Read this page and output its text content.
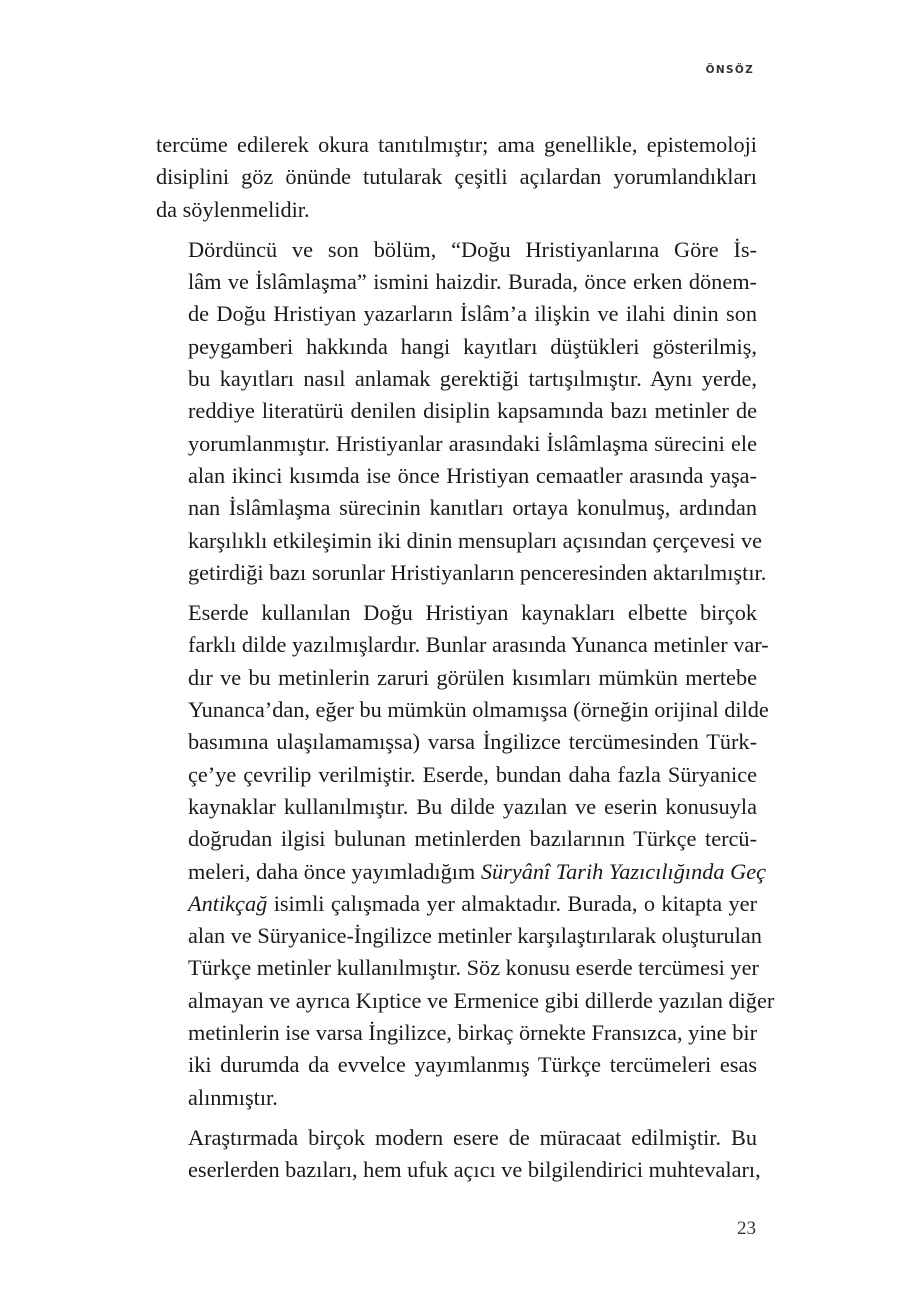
ÖNSÖZ

tercüme edilerek okura tanıtılmıştır; ama genellikle, epistemoloji
disiplini göz önünde tutularak çeşitli açılardan yorumlandıkları
da söylenmelidir.

Dördüncü ve son bölüm, “Doğu Hristiyanlarına Göre İs-
lâm ve İslâmlaşma” ismini haizdir. Burada, önce erken dönem-
de Doğu Hristiyan yazarların İslâm’a ilişkin ve ilahi dinin son
peygamberi hakkında hangi kayıtları düştükleri gösterilmiş,
bu kayıtları nasıl anlamak gerektiği tartışılmıştır. Aynı yerde,
reddiye literatürü denilen disiplin kapsamında bazı metinler de
yorumlanmıştır. Hristiyanlar arasındaki İslâmlaşma sürecini ele
alan ikinci kısımda ise önce Hristiyan cemaatler arasında yaşa-
nan İslâmlaşma sürecinin kanıtları ortaya konulmuş, ardından
karşılıklı etkileşimin iki dinin mensupları açısından çerçevesi ve
getirdiği bazı sorunlar Hristiyanların penceresinden aktarılmıştır.

Eserde kullanılan Doğu Hristiyan kaynakları elbette birçok
farklı dilde yazılmışlardır. Bunlar arasında Yunanca metinler var-
dır ve bu metinlerin zaruri görülen kısımları mümkün mertebe
Yunanca’dan, eğer bu mümkün olmamışsa (örneğin orijinal dilde
basımına ulaşılamamışsa) varsa İngilizce tercümesinden Türk-
çe’ye çevrilip verilmiştir. Eserde, bundan daha fazla Süryanice
kaynaklar kullanılmıştır. Bu dilde yazılan ve eserin konusuyla
doğrudan ilgisi bulunan metinlerden bazılarının Türkçe tercü-
meleri, daha önce yayımladığım Süryânî Tarih Yazıcılığında Geç
Antikçağ isimli çalışmada yer almaktadır. Burada, o kitapta yer
alan ve Süryanice-İngilizce metinler karşılaştırılarak oluşturulan
Türkçe metinler kullanılmıştır. Söz konusu eserde tercümesi yer
almayan ve ayrıca Kıptice ve Ermenice gibi dillerde yazılan diğer
metinlerin ise varsa İngilizce, birkaç örnekte Fransızca, yine bir
iki durumda da evvelce yayımlanmış Türkçe tercümeleri esas
alınmıştır.

Araştırmada birçok modern esere de müracaat edilmiştir. Bu
eserlerden bazıları, hem ufuk açıcı ve bilgilendirici muhtevaları,

23
